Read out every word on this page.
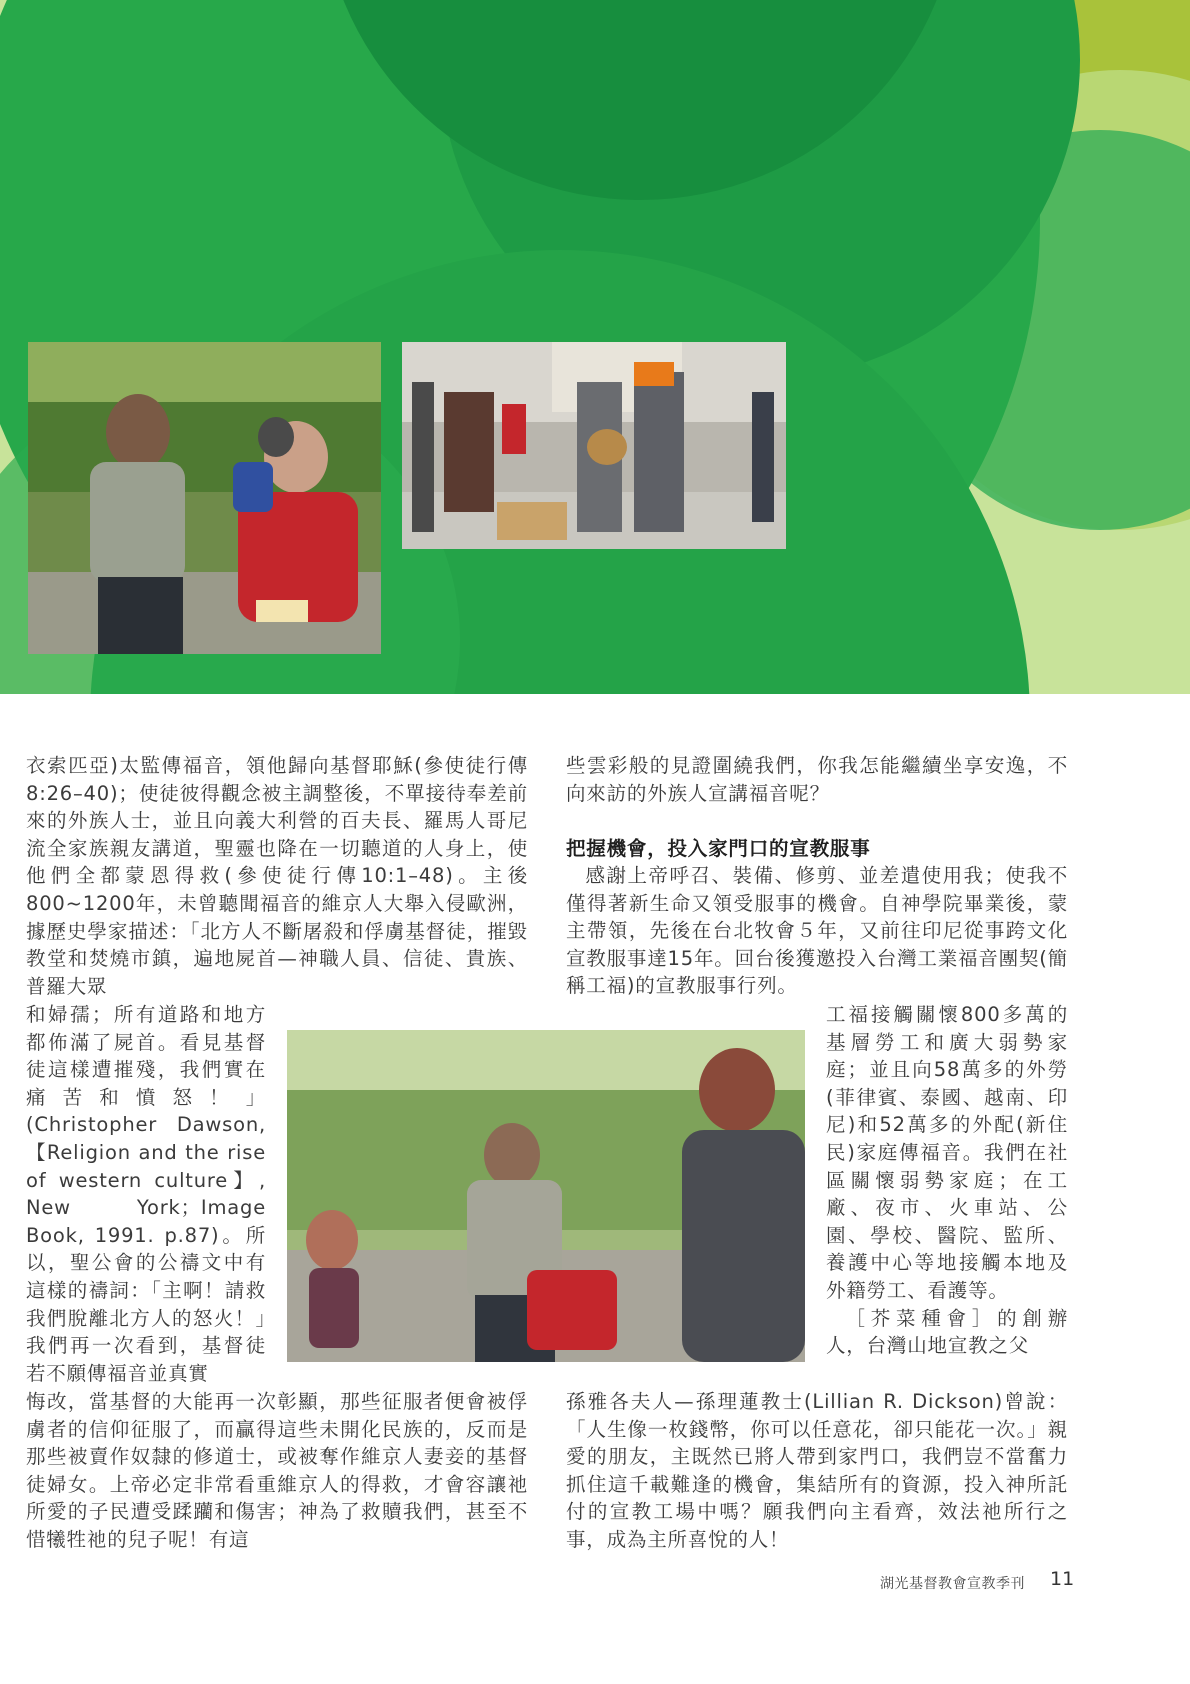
衣索匹亞)太監傳福音，領他歸向基督耶穌(參使徒行傳8:26–40)；使徒彼得觀念被主調整後，不單接待奉差前來的外族人士，並且向義大利營的百夫長、羅馬人哥尼流全家族親友講道，聖靈也降在一切聽道的人身上，使他們全都蒙恩得救(參使徒行傳10:1–48)。主後800~1200年，未曾聽聞福音的維京人大舉入侵歐洲，據歷史學家描述：「北方人不斷屠殺和俘虜基督徒，摧毀教堂和焚燒市鎮，遍地屍首—神職人員、信徒、貴族、普羅大眾

和婦孺；所有道路和地方都佈滿了屍首。看見基督徒這樣遭摧殘，我們實在痛苦和憤怒！」(Christopher Dawson,【Religion and the rise of western culture】, New York；Image Book, 1991. p.87)。所以，聖公會的公禱文中有這樣的禱詞：「主啊！請救我們脫離北方人的怒火！」我們再一次看到，基督徒若不願傳福音並真實

悔改，當基督的大能再一次彰顯，那些征服者便會被俘虜者的信仰征服了，而贏得這些未開化民族的，反而是那些被賣作奴隸的修道士，或被奪作維京人妻妾的基督徒婦女。上帝必定非常看重維京人的得救，才會容讓祂所愛的子民遭受蹂躪和傷害；神為了救贖我們，甚至不惜犧牲祂的兒子呢！有這

些雲彩般的見證圍繞我們，你我怎能繼續坐享安逸，不向來訪的外族人宣講福音呢？

把握機會，投入家門口的宣教服事

感謝上帝呼召、裝備、修剪、並差遣使用我；使我不僅得著新生命又領受服事的機會。自神學院畢業後，蒙主帶領，先後在台北牧會５年，又前往印尼從事跨文化宣教服事達15年。回台後獲邀投入台灣工業福音團契(簡稱工福)的宣教服事行列。

工福接觸關懷800多萬的基層勞工和廣大弱勢家庭；並且向58萬多的外勞(菲律賓、泰國、越南、印尼)和52萬多的外配(新住民)家庭傳福音。我們在社區關懷弱勢家庭；在工廠、夜市、火車站、公園、學校、醫院、監所、養護中心等地接觸本地及外籍勞工、看護等。

［芥菜種會］的創辦人，台灣山地宣教之父

孫雅各夫人—孫理蓮教士(Lillian R. Dickson)曾說：「人生像一枚錢幣，你可以任意花，卻只能花一次。」親愛的朋友，主既然已將人帶到家門口，我們豈不當奮力抓住這千載難逢的機會，集結所有的資源，投入神所託付的宣教工場中嗎？願我們向主看齊，效法祂所行之事，成為主所喜悅的人！

湖光基督教會宣教季刊 11
